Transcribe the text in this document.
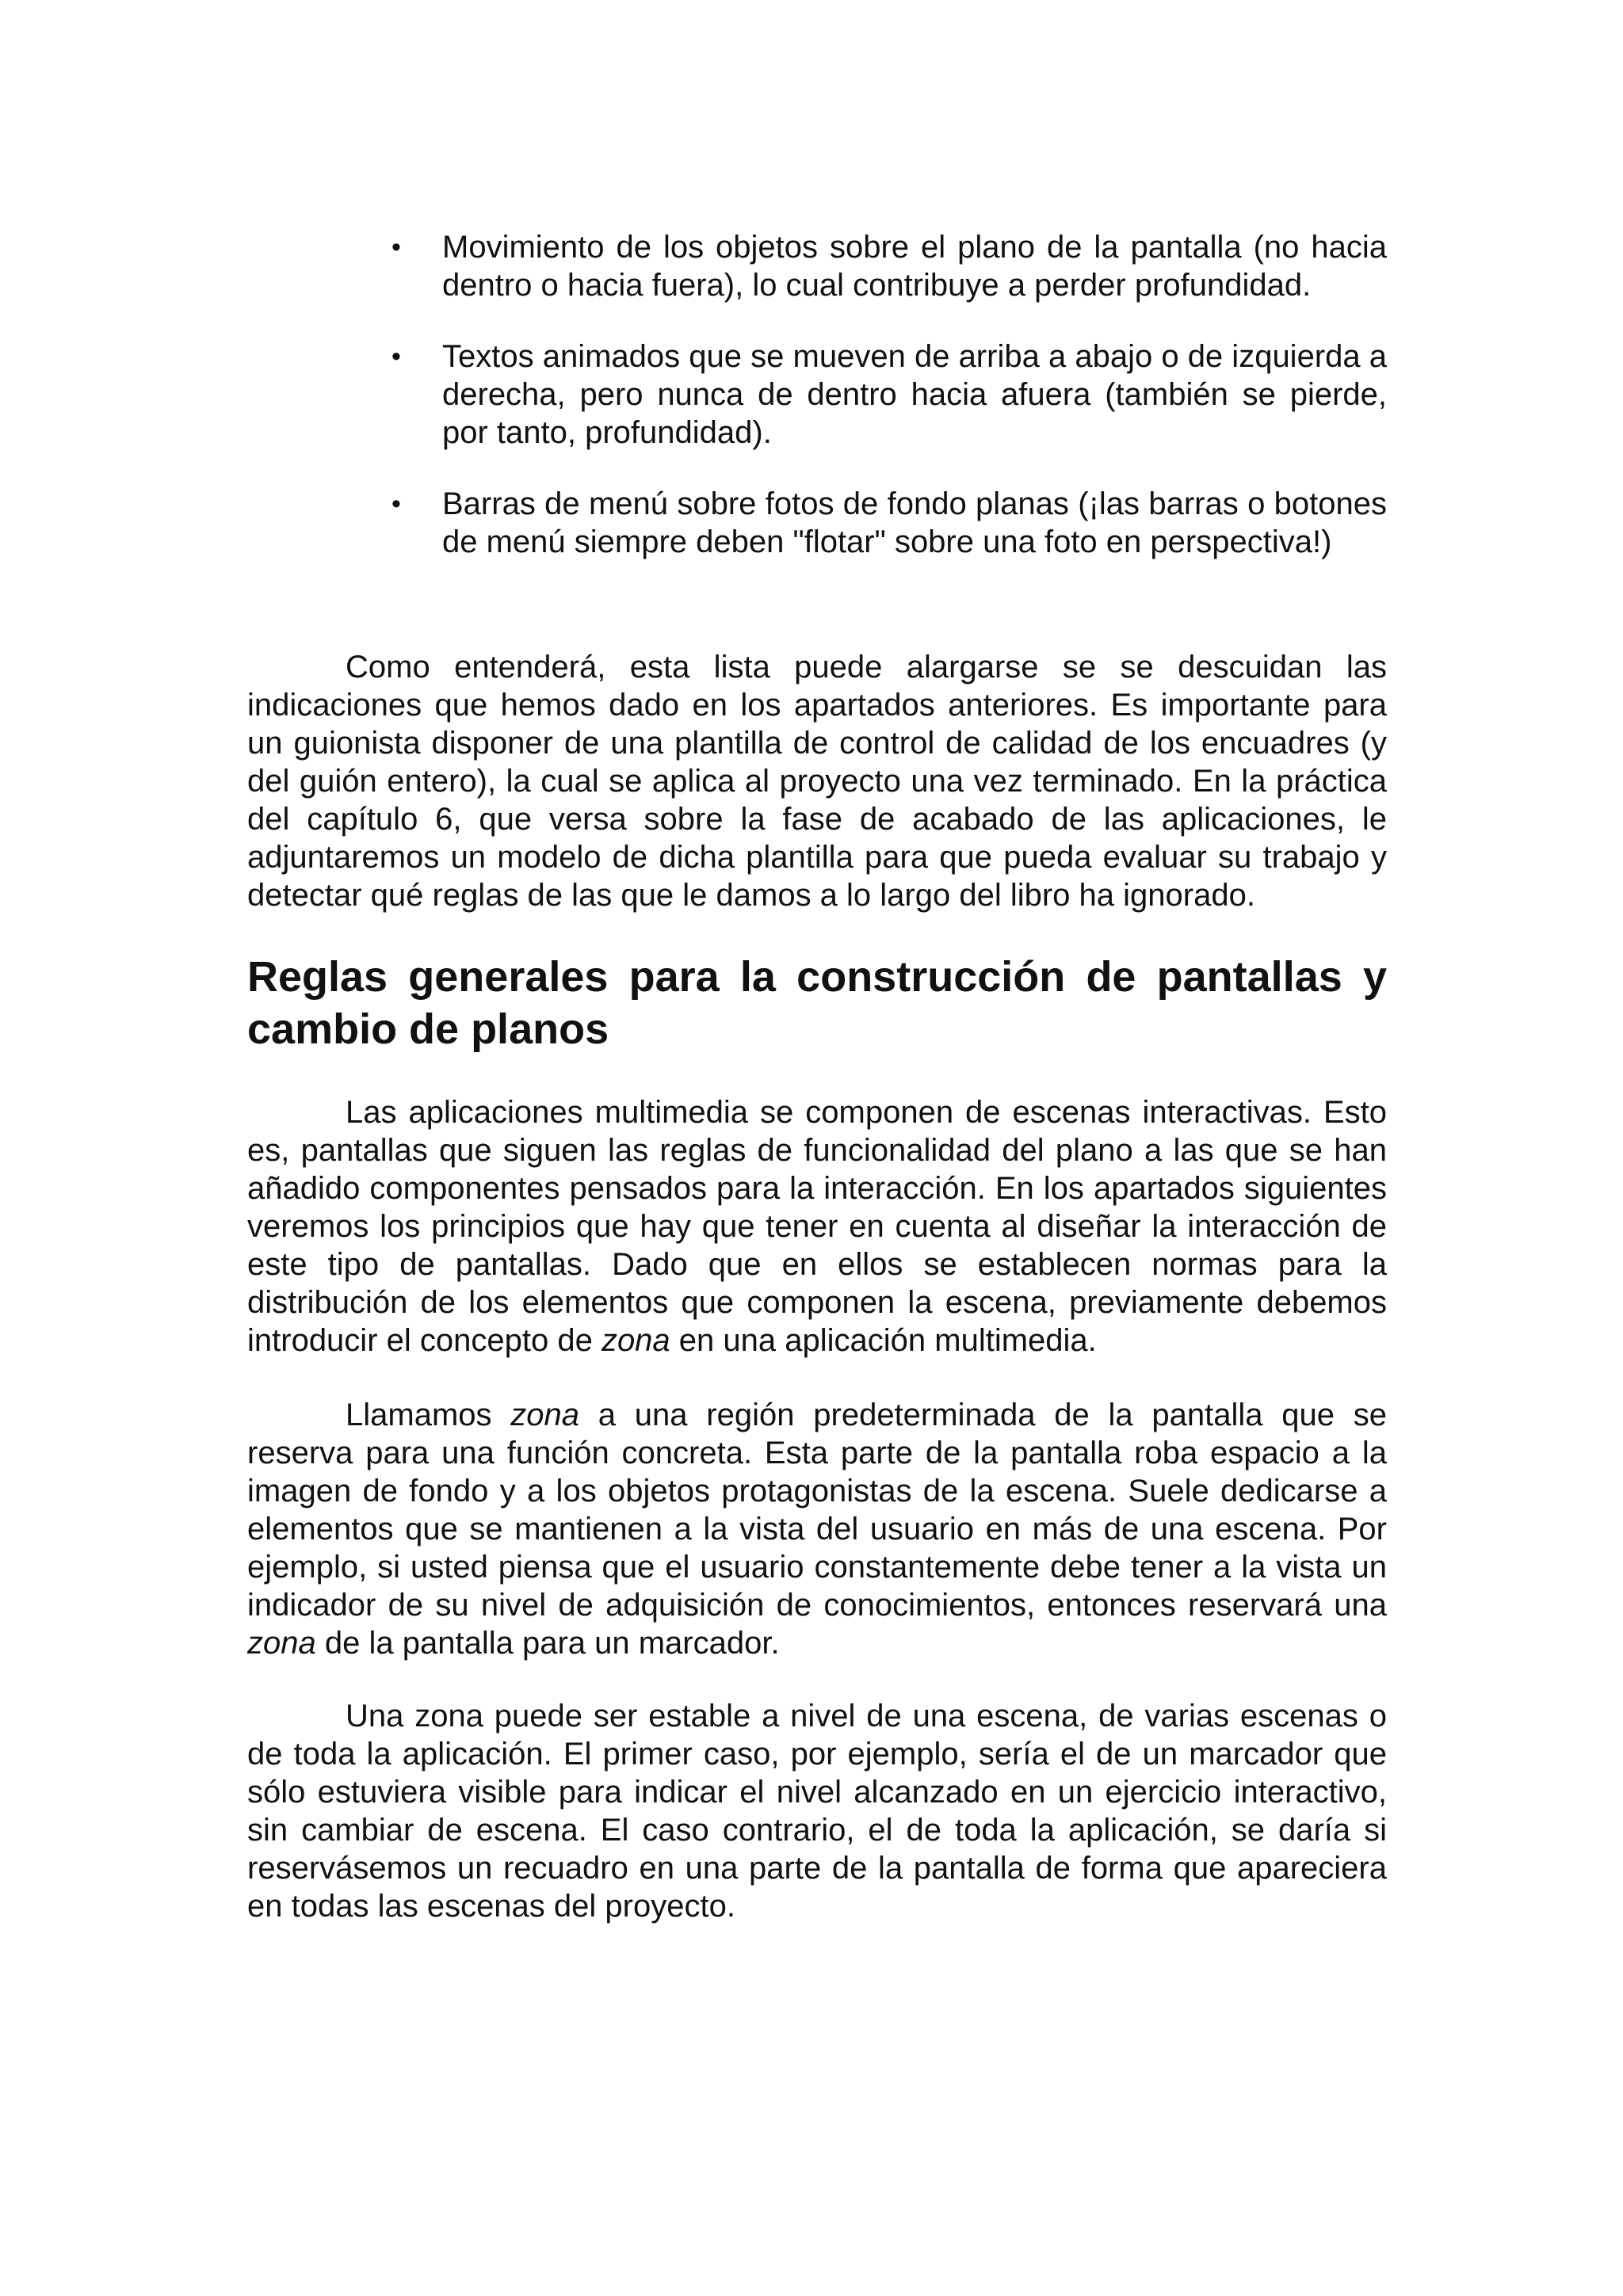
• Movimiento de los objetos sobre el plano de la pantalla (no hacia dentro o hacia fuera), lo cual contribuye a perder profundidad.
• Textos animados que se mueven de arriba a abajo o de izquierda a derecha, pero nunca de dentro hacia afuera (también se pierde, por tanto, profundidad).
• Barras de menú sobre fotos de fondo planas (¡las barras o botones de menú siempre deben "flotar" sobre una foto en perspectiva!)

Como entenderá, esta lista puede alargarse se se descuidan las indicaciones que hemos dado en los apartados anteriores. Es importante para un guionista disponer de una plantilla de control de calidad de los encuadres (y del guión entero), la cual se aplica al proyecto una vez terminado. En la práctica del capítulo 6, que versa sobre la fase de acabado de las aplicaciones, le adjuntaremos un modelo de dicha plantilla para que pueda evaluar su trabajo y detectar qué reglas de las que le damos a lo largo del libro ha ignorado.

Reglas generales para la construcción de pantallas y cambio de planos

Las aplicaciones multimedia se componen de escenas interactivas. Esto es, pantallas que siguen las reglas de funcionalidad del plano a las que se han añadido componentes pensados para la interacción. En los apartados siguientes veremos los principios que hay que tener en cuenta al diseñar la interacción de este tipo de pantallas. Dado que en ellos se establecen normas para la distribución de los elementos que componen la escena, previamente debemos introducir el concepto de zona en una aplicación multimedia.

Llamamos zona a una región predeterminada de la pantalla que se reserva para una función concreta. Esta parte de la pantalla roba espacio a la imagen de fondo y a los objetos protagonistas de la escena. Suele dedicarse a elementos que se mantienen a la vista del usuario en más de una escena. Por ejemplo, si usted piensa que el usuario constantemente debe tener a la vista un indicador de su nivel de adquisición de conocimientos, entonces reservará una zona de la pantalla para un marcador.

Una zona puede ser estable a nivel de una escena, de varias escenas o de toda la aplicación. El primer caso, por ejemplo, sería el de un marcador que sólo estuviera visible para indicar el nivel alcanzado en un ejercicio interactivo, sin cambiar de escena. El caso contrario, el de toda la aplicación, se daría si reservásemos un recuadro en una parte de la pantalla de forma que apareciera en todas las escenas del proyecto.
